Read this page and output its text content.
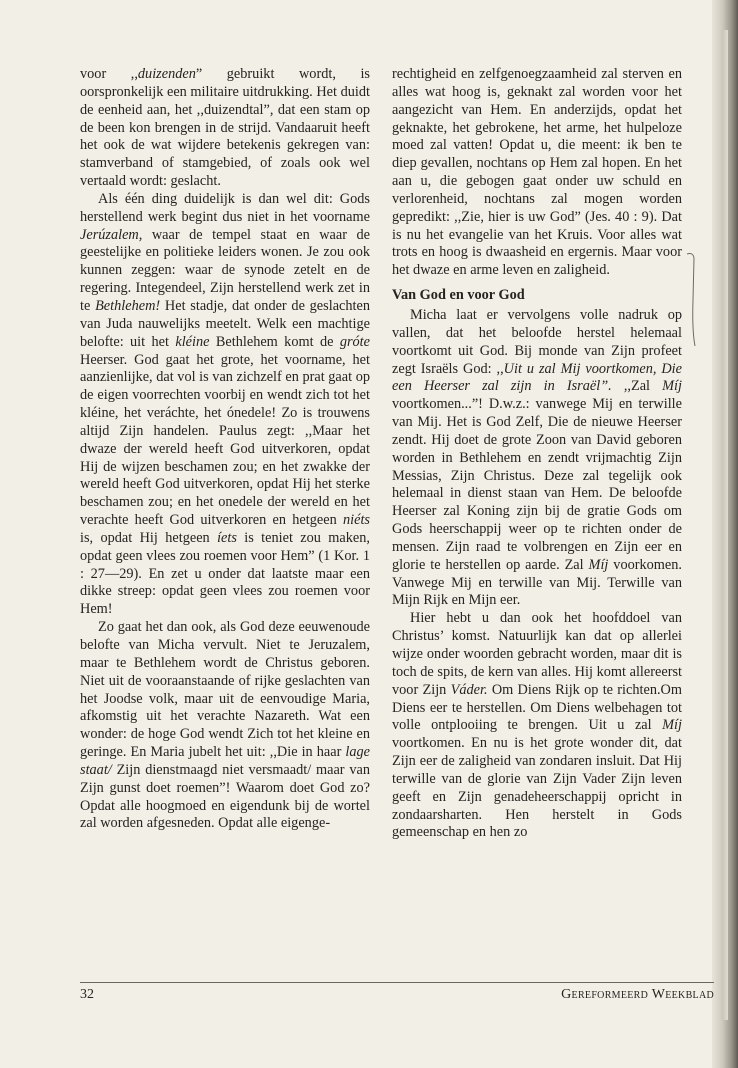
voor ,,duizenden” gebruikt wordt, is oorspronkelijk een militaire uitdrukking. Het duidt de eenheid aan, het ,,duizendtal”, dat een stam op de been kon brengen in de strijd. Vandaaruit heeft het ook de wat wijdere betekenis gekregen van: stamverband of stamgebied, of zoals ook wel vertaald wordt: geslacht.

Als één ding duidelijk is dan wel dit: Gods herstellend werk begint dus niet in het voorname Jerúzalem, waar de tempel staat en waar de geestelijke en politieke leiders wonen. Je zou ook kunnen zeggen: waar de synode zetelt en de regering. Integendeel, Zijn herstellend werk zet in te Bethlehem! Het stadje, dat onder de geslachten van Juda nauwelijks meetelt. Welk een machtige belofte: uit het kléine Bethlehem komt de gróte Heerser. God gaat het grote, het voorname, het aanzienlijke, dat vol is van zichzelf en prat gaat op de eigen voorrechten voorbij en wendt zich tot het kléine, het veráchte, het ónedele! Zo is trouwens altijd Zijn handelen. Paulus zegt: ,,Maar het dwaze der wereld heeft God uitverkoren, opdat Hij de wijzen beschamen zou; en het zwakke der wereld heeft God uitverkoren, opdat Hij het sterke beschamen zou; en het onedele der wereld en het verachte heeft God uitverkoren en hetgeen niéts is, opdat Hij hetgeen íets is teniet zou maken, opdat geen vlees zou roemen voor Hem” (1 Kor. 1 : 27—29). En zet u onder dat laatste maar een dikke streep: opdat geen vlees zou roemen voor Hem!

Zo gaat het dan ook, als God deze eeuwenoude belofte van Micha vervult. Niet te Jeruzalem, maar te Bethlehem wordt de Christus geboren. Niet uit de vooraanstaande of rijke geslachten van het Joodse volk, maar uit de eenvoudige Maria, afkomstig uit het verachte Nazareth. Wat een wonder: de hoge God wendt Zich tot het kleine en geringe. En Maria jubelt het uit: ,,Die in haar lage staat/ Zijn dienstmaagd niet versmaadt/ maar van Zijn gunst doet roemen”! Waarom doet God zo? Opdat alle hoogmoed en eigendunk bij de wortel zal worden afgesneden. Opdat alle eigenge-

rechtigheid en zelfgenoegzaamheid zal sterven en alles wat hoog is, geknakt zal worden voor het aangezicht van Hem. En anderzijds, opdat het geknakte, het gebrokene, het arme, het hulpeloze moed zal vatten! Opdat u, die meent: ik ben te diep gevallen, nochtans op Hem zal hopen. En het aan u, die gebogen gaat onder uw schuld en verlorenheid, nochtans zal mogen worden gepredikt: ,,Zie, hier is uw God” (Jes. 40 : 9). Dat is nu het evangelie van het Kruis. Voor alles wat trots en hoog is dwaasheid en ergernis. Maar voor het dwaze en arme leven en zaligheid.

Van God en voor God

Micha laat er vervolgens volle nadruk op vallen, dat het beloofde herstel helemaal voortkomt uit God. Bij monde van Zijn profeet zegt Israëls God: ,,Uit u zal Mij voortkomen, Die een Heerser zal zijn in Israël”. ,,Zal Míj voortkomen...”! D.w.z.: vanwege Mij en terwille van Mij. Het is God Zelf, Die de nieuwe Heerser zendt. Hij doet de grote Zoon van David geboren worden in Bethlehem en zendt vrijmachtig Zijn Messias, Zijn Christus. Deze zal tegelijk ook helemaal in dienst staan van Hem. De beloofde Heerser zal Koning zijn bij de gratie Gods om Gods heerschappij weer op te richten onder de mensen. Zijn raad te volbrengen en Zijn eer en glorie te herstellen op aarde. Zal Míj voorkomen. Vanwege Mij en terwille van Mij. Terwille van Mijn Rijk en Mijn eer.

Hier hebt u dan ook het hoofddoel van Christus’ komst. Natuurlijk kan dat op allerlei wijze onder woorden gebracht worden, maar dit is toch de spits, de kern van alles. Hij komt allereerst voor Zijn Váder. Om Diens Rijk op te richten.Om Diens eer te herstellen. Om Diens welbehagen tot volle ontplooiing te brengen. Uit u zal Míj voortkomen. En nu is het grote wonder dit, dat Zijn eer de zaligheid van zondaren insluit. Dat Hij terwille van de glorie van Zijn Vader Zijn leven geeft en Zijn genadeheerschappij opricht in zondaarsharten. Hen herstelt in Gods gemeenschap en hen zo

32	Gereformeerd Weekblad
